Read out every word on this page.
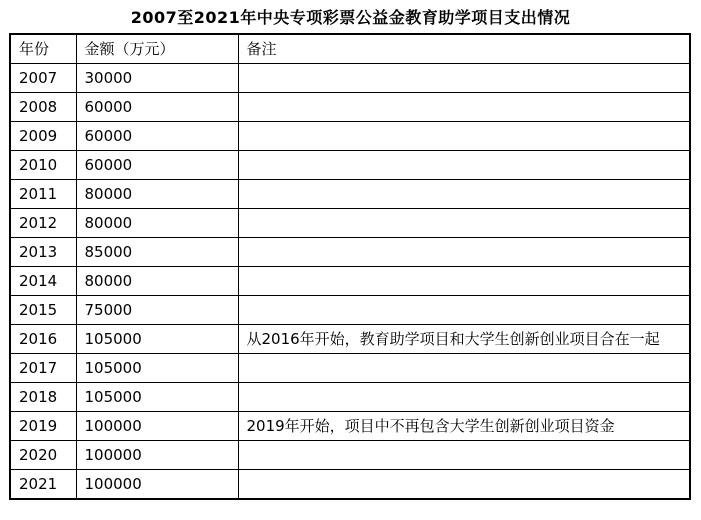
2007至2021年中央专项彩票公益金教育助学项目支出情况
年份	金额（万元）	备注
2007	30000	
2008	60000	
2009	60000	
2010	60000	
2011	80000	
2012	80000	
2013	85000	
2014	80000	
2015	75000	
2016	105000	从2016年开始，教育助学项目和大学生创新创业项目合在一起
2017	105000	
2018	105000	
2019	100000	2019年开始，项目中不再包含大学生创新创业项目资金
2020	100000	
2021	100000	
